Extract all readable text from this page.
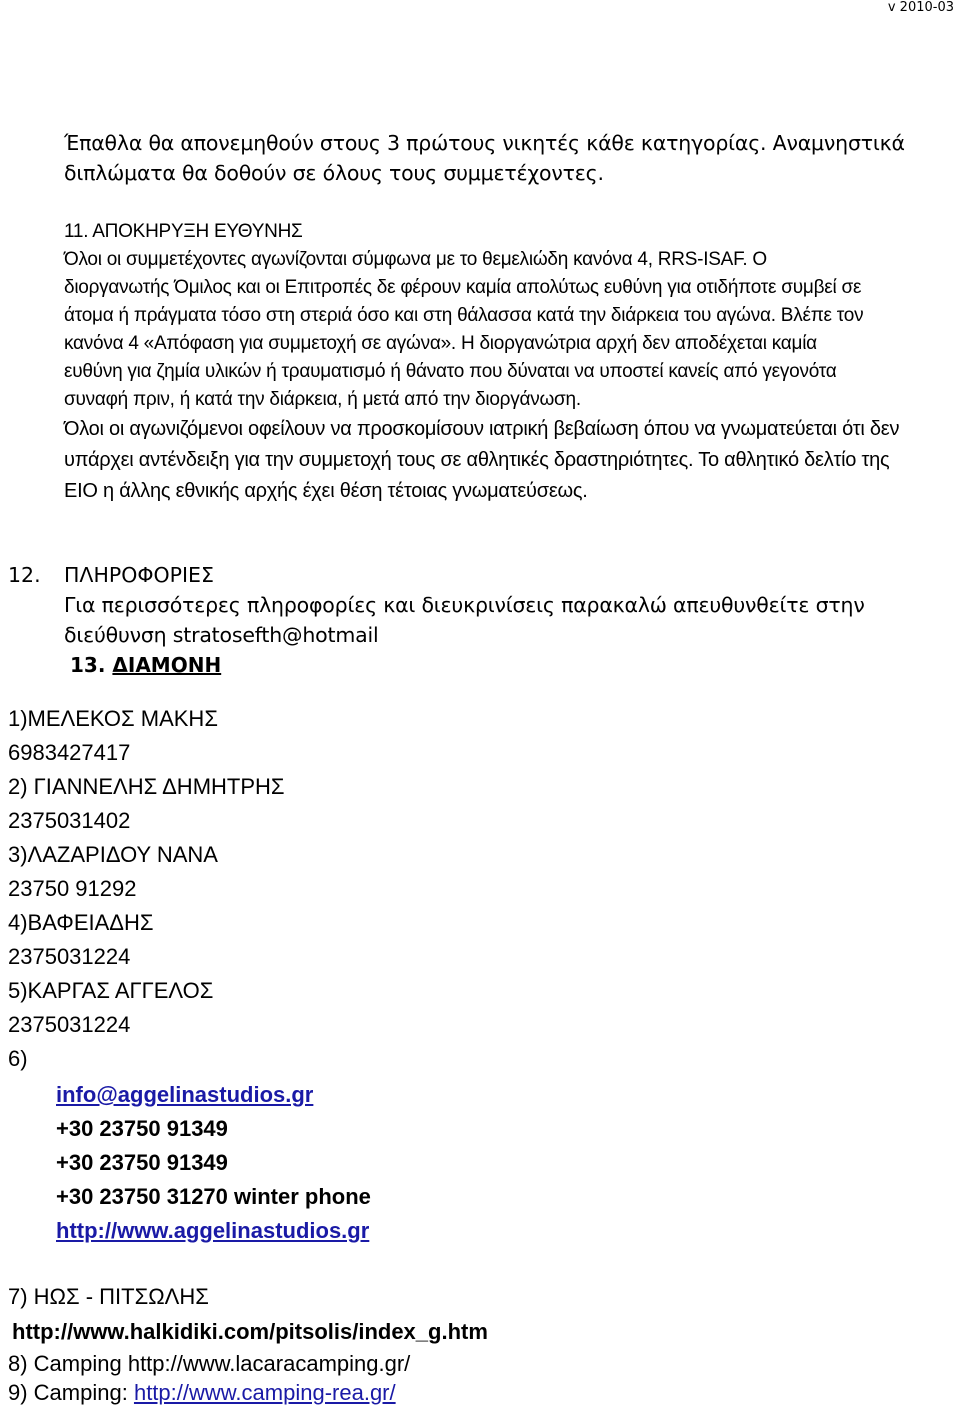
v 2010-03
Έπαθλα θα απονεμηθούν στους 3 πρώτους νικητές κάθε κατηγορίας. Αναμνηστικά
διπλώματα θα δοθούν σε όλους τους συμμετέχοντες.
11. ΑΠΟΚΗΡΥΞΗ ΕΥΘΥΝΗΣ
Όλοι οι συμμετέχοντες αγωνίζονται σύμφωνα με το θεμελιώδη κανόνα 4, RRS-ISAF. Ο
διοργανωτής Όμιλος και οι Επιτροπές δε φέρουν καμία απολύτως ευθύνη για οτιδήποτε συμβεί σε
άτομα ή πράγματα τόσο στη στεριά όσο και στη θάλασσα κατά την διάρκεια του αγώνα. Βλέπε τον
κανόνα 4 «Απόφαση για συμμετοχή σε αγώνα». Η διοργανώτρια αρχή δεν αποδέχεται καμία
ευθύνη για ζημία υλικών ή τραυματισμό ή θάνατο που δύναται να υποστεί κανείς από γεγονότα
συναφή πριν, ή κατά την διάρκεια, ή μετά από την διοργάνωση.
Όλοι οι αγωνιζόμενοι οφείλουν να προσκομίσουν ιατρική βεβαίωση όπου να γνωματεύεται ότι δεν
υπάρχει αντένδειξη για την συμμετοχή τους σε αθλητικές δραστηριότητες. Το αθλητικό δελτίο της
ΕΙΟ η άλλης εθνικής αρχής έχει θέση τέτοιας γνωματεύσεως.
12. ΠΛΗΡΟΦΟΡΙΕΣ
Για περισσότερες πληροφορίες και διευκρινίσεις παρακαλώ απευθυνθείτε στην
διεύθυνση stratosefth@hotmail
13. ΔΙΑΜΟΝΗ
1)ΜΕΛΕΚΟΣ ΜΑΚΗΣ
6983427417
2) ΓΙΑΝΝΕΛΗΣ ΔΗΜΗΤΡΗΣ
2375031402
3)ΛΑΖΑΡΙΔΟΥ ΝΑΝΑ
23750 91292
4)ΒΑΦΕΙΑΔΗΣ
2375031224
5)ΚΑΡΓΑΣ ΑΓΓΕΛΟΣ
2375031224
6)
info@aggelinastudios.gr
+30 23750 91349
+30 23750 91349
+30 23750 31270 winter phone
http://www.aggelinastudios.gr
7) ΗΩΣ - ΠΙΤΣΩΛΗΣ
http://www.halkidiki.com/pitsolis/index_g.htm
8) Camping http://www.lacaracamping.gr/
9) Camping: http://www.camping-rea.gr/
